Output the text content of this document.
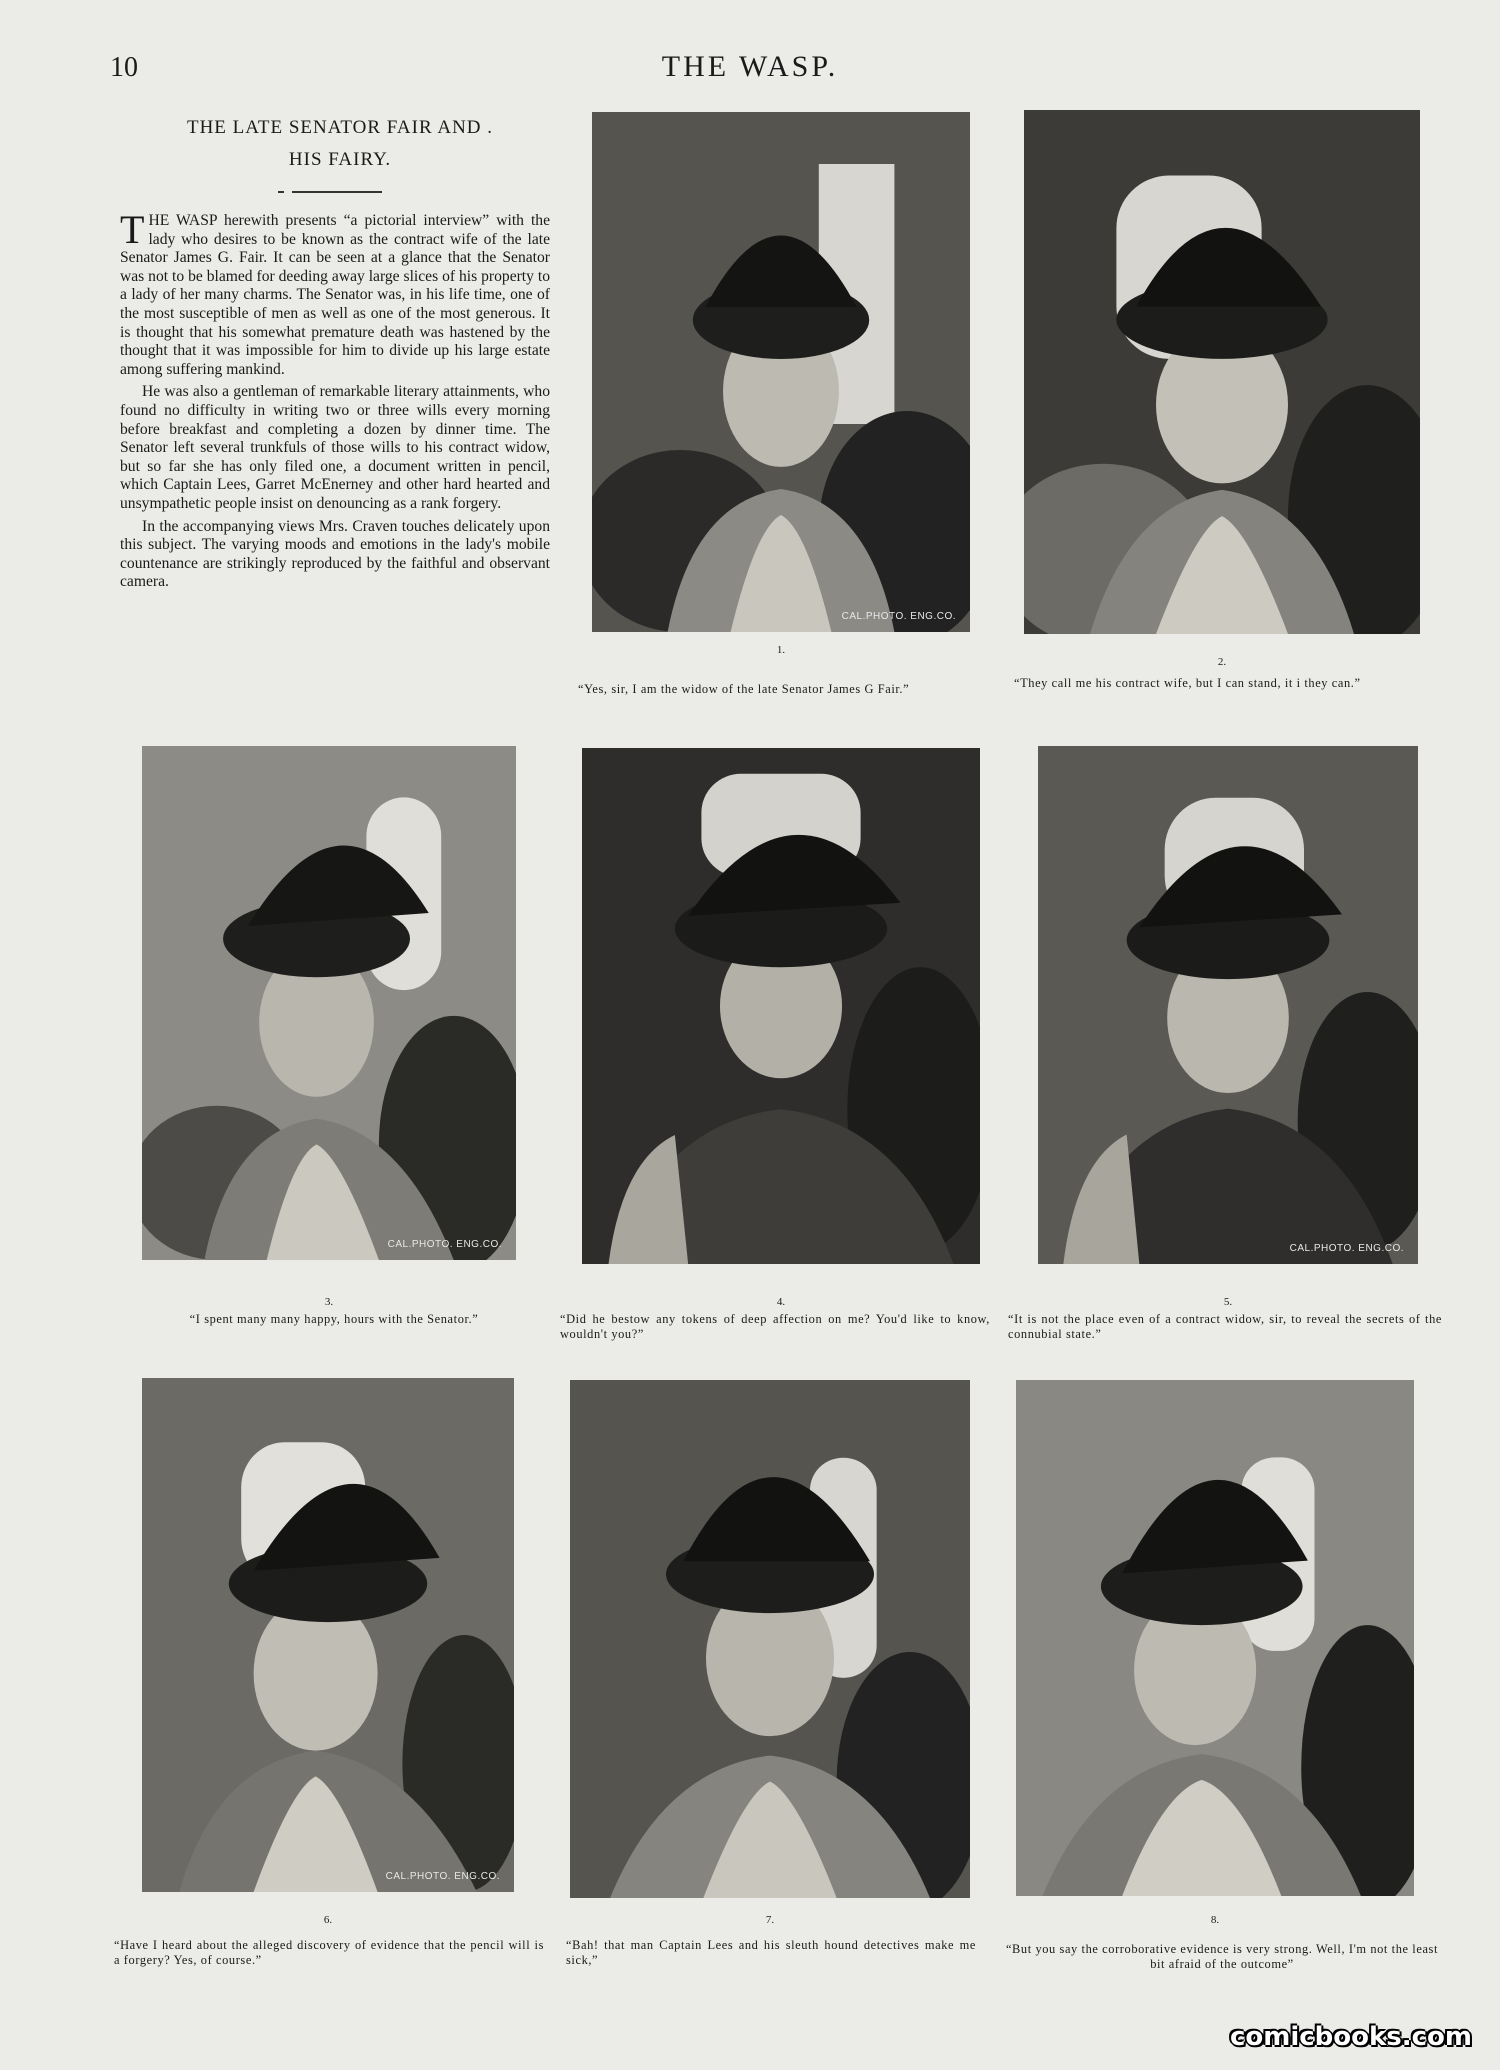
10	THE WASP.
THE LATE SENATOR FAIR AND .
HIS FAIRY.

THE WASP herewith presents “a pictorial interview” with the lady who desires to be known as the contract wife of the late Senator James G. Fair. It can be seen at a glance that the Senator was not to be blamed for deeding away large slices of his property to a lady of her many charms. The Senator was, in his life time, one of the most susceptible of men as well as one of the most generous. It is thought that his somewhat premature death was hastened by the thought that it was impossible for him to divide up his large estate among suffering mankind.

He was also a gentleman of remarkable literary attainments, who found no difficulty in writing two or three wills every morning before breakfast and completing a dozen by dinner time. The Senator left several trunkfuls of those wills to his contract widow, but so far she has only filed one, a document written in pencil, which Captain Lees, Garret McEnerney and other hard hearted and unsympathetic people insist on denouncing as a rank forgery.

In the accompanying views Mrs. Craven touches delicately upon this subject. The varying moods and emotions in the lady's mobile countenance are strikingly reproduced by the faithful and observant camera.

CAL.PHOTO. ENG.CO.
1.
“Yes, sir, I am the widow of the late Senator James G Fair.”
2.
“They call me his contract wife, but I can stand, it i they can.”
CAL.PHOTO. ENG.CO.	CAL.PHOTO. ENG.CO.
3.
“I spent many many happy, hours with the Senator.”
4.
“Did he bestow any tokens of deep affection on me? You'd like to know, wouldn't you?”
5.
“It is not the place even of a contract widow, sir, to reveal the secrets of the connubial state.”
CAL.PHOTO. ENG.CO.
6.
“Have I heard about the alleged discovery of evidence that the pencil will is a forgery? Yes, of course.”
7.
“Bah! that man Captain Lees and his sleuth hound detectives make me sick,”
8.
“But you say the corroborative evidence is very strong. Well, I'm not the least bit afraid of the outcome”
comicbooks.com
